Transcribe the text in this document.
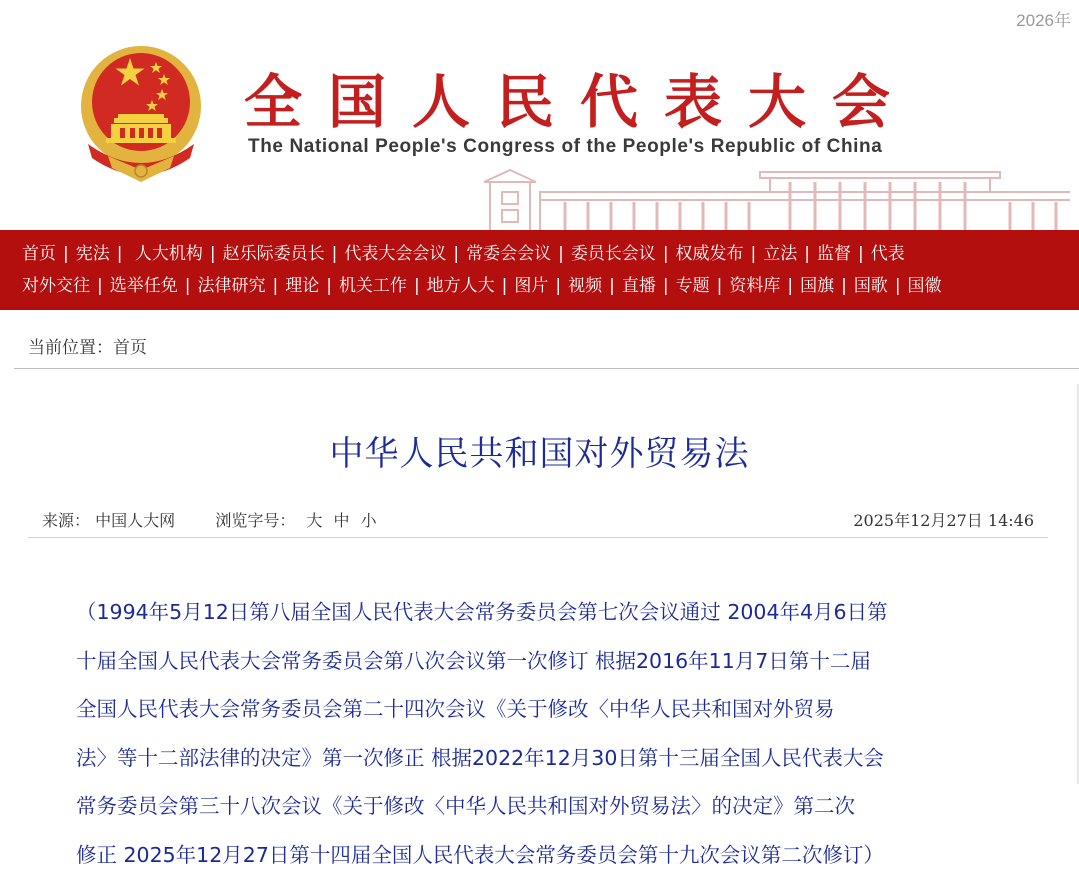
2026年
全国人民代表大会
The National People's Congress of the People's Republic of China
首页 | 宪法 | 人大机构 | 赵乐际委员长 | 代表大会会议 | 常委会会议 | 委员长会议 | 权威发布 | 立法 | 监督 | 代表
对外交往 | 选举任免 | 法律研究 | 理论 | 机关工作 | 地方人大 | 图片 | 视频 | 直播 | 专题 | 资料库 | 国旗 | 国歌 | 国徽
当前位置：首页
中华人民共和国对外贸易法
来源： 中国人大网	浏览字号： 大 中 小	2025年12月27日 14:46

（1994年5月12日第八届全国人民代表大会常务委员会第七次会议通过 2004年4月6日第
十届全国人民代表大会常务委员会第八次会议第一次修订 根据2016年11月7日第十二届
全国人民代表大会常务委员会第二十四次会议《关于修改〈中华人民共和国对外贸易
法〉等十二部法律的决定》第一次修正 根据2022年12月30日第十三届全国人民代表大会
常务委员会第三十八次会议《关于修改〈中华人民共和国对外贸易法〉的决定》第二次
修正 2025年12月27日第十四届全国人民代表大会常务委员会第十九次会议第二次修订）
